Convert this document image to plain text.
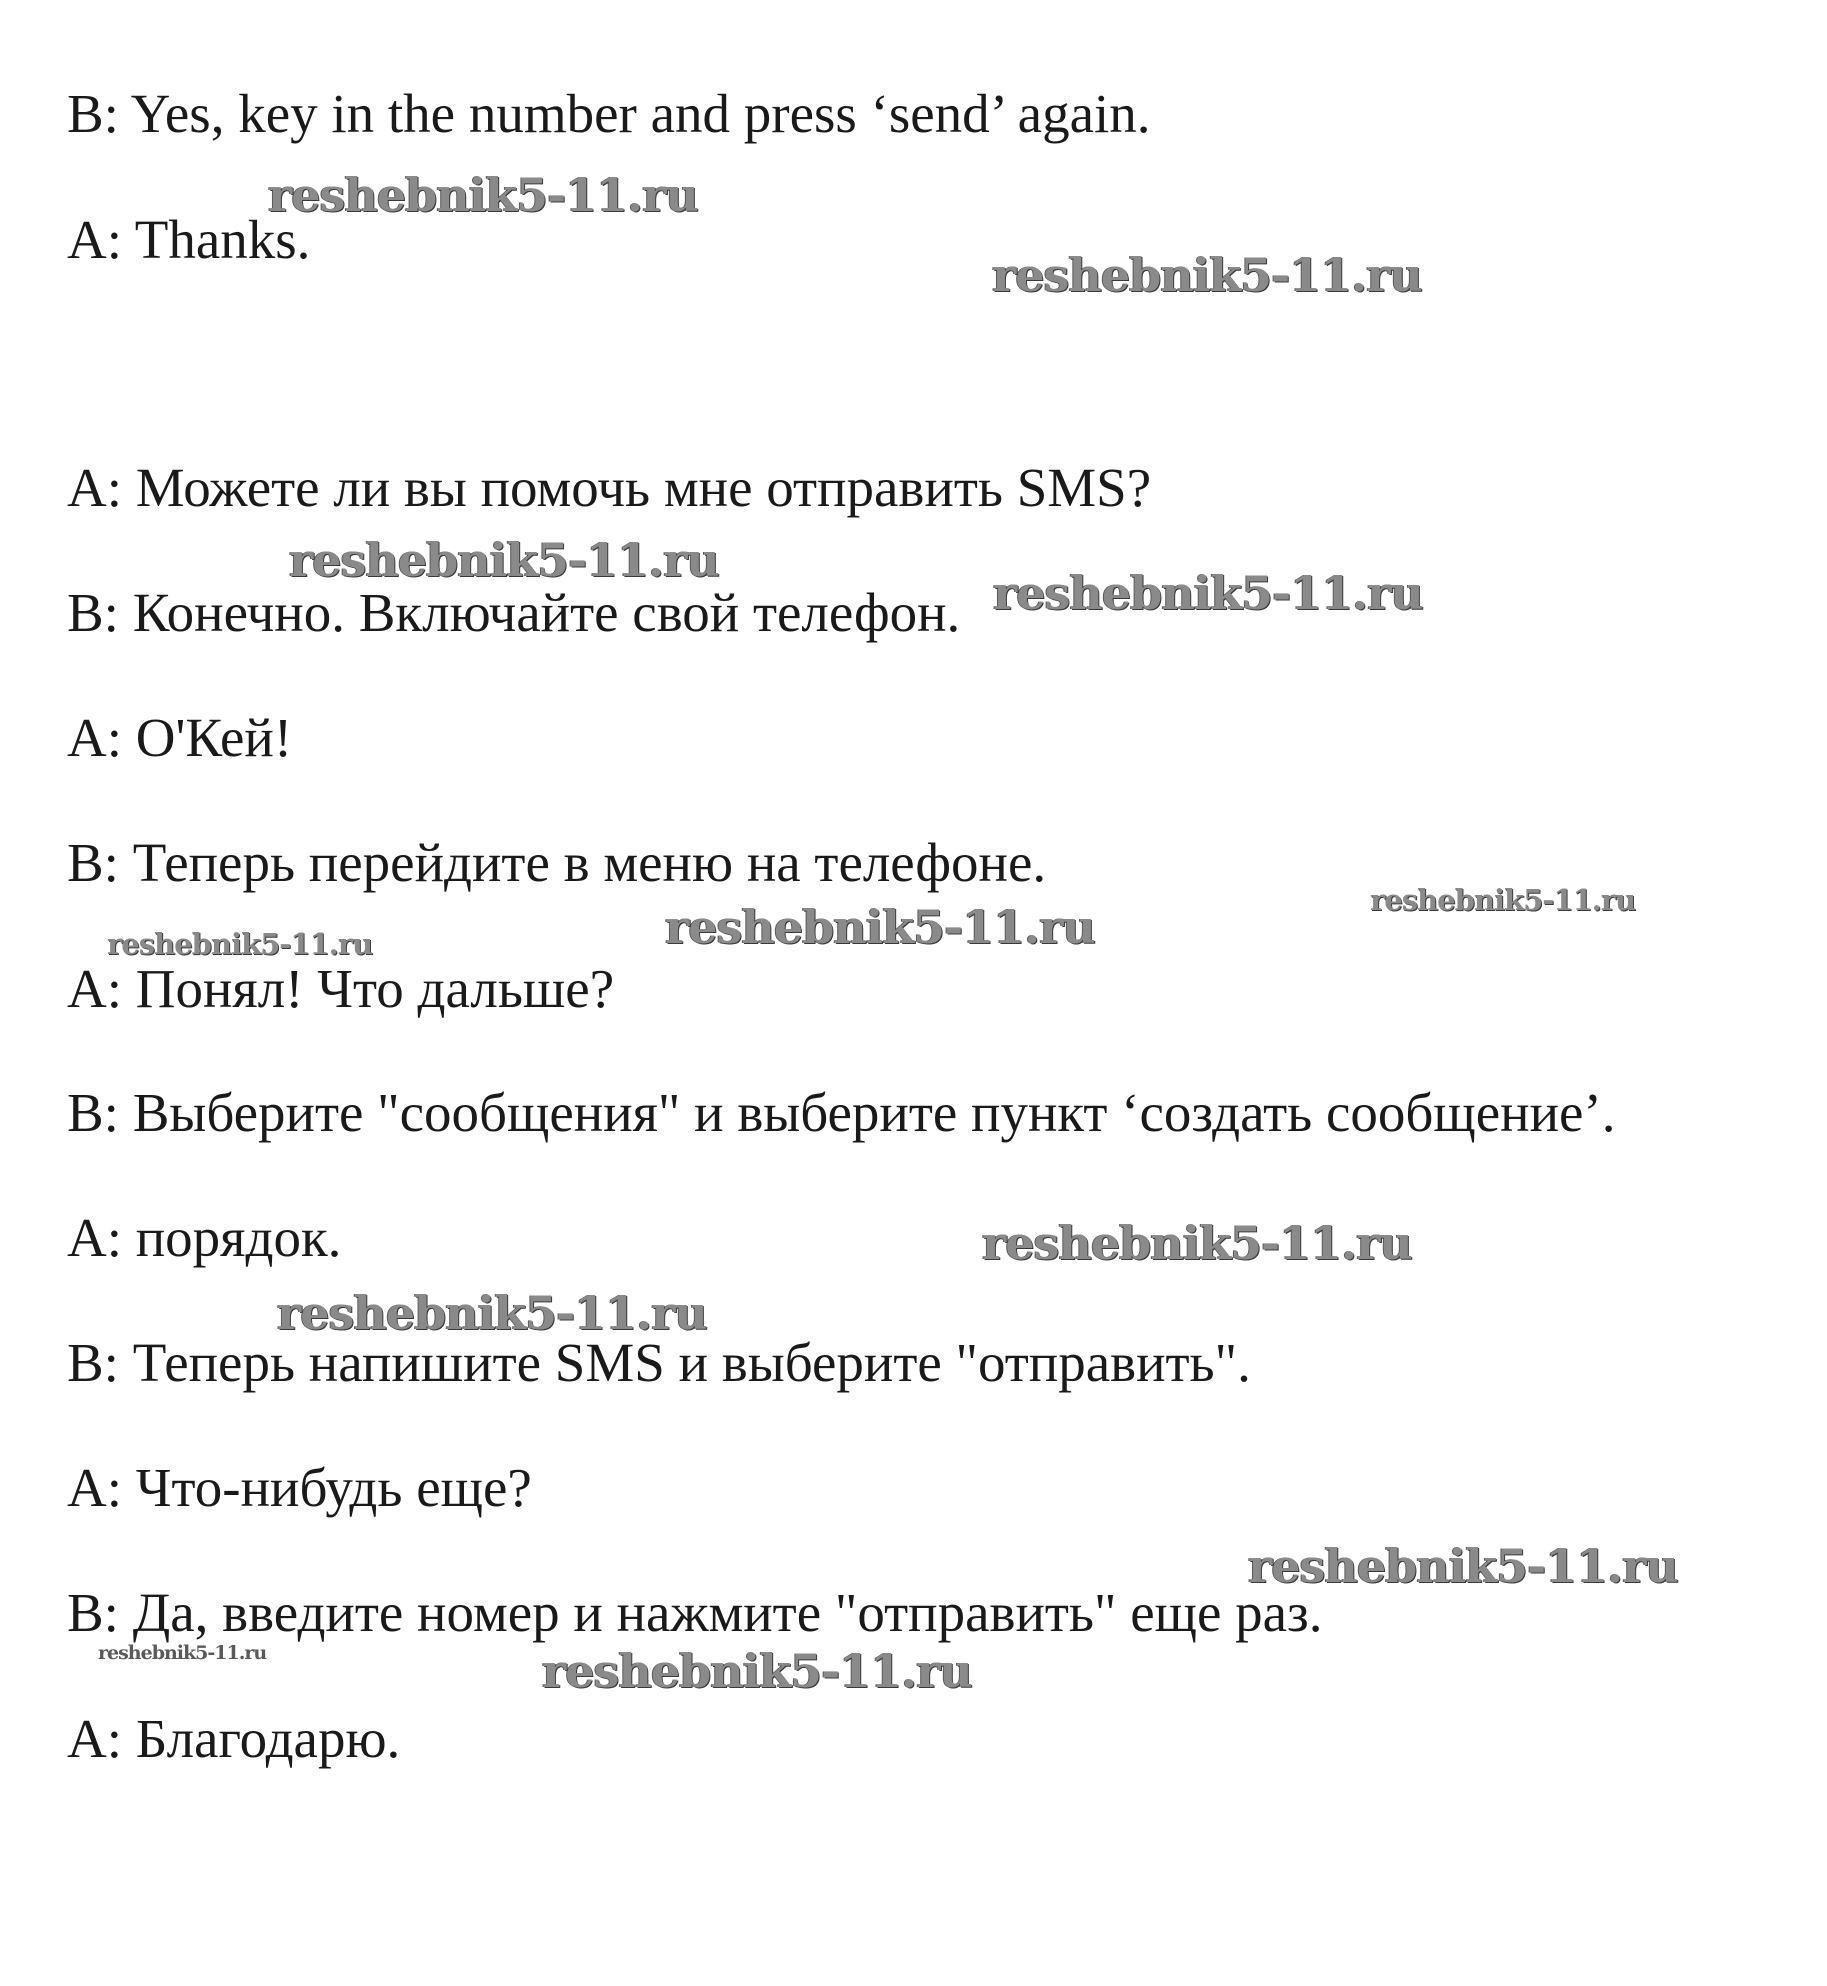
B: Yes, key in the number and press ‘send’ again.

A: Thanks.

A: Можете ли вы помочь мне отправить SMS?

B: Конечно. Включайте свой телефон.

A: О'Кей!

B: Теперь перейдите в меню на телефоне.

A: Понял! Что дальше?

B: Выберите "сообщения" и выберите пункт ‘создать сообщение’.

A: порядок.

B: Теперь напишите SMS и выберите "отправить".

A: Что-нибудь еще?

B: Да, введите номер и нажмите "отправить" еще раз.

A: Благодарю.

reshebnik5-11.ru
reshebnik5-11.ru
reshebnik5-11.ru
reshebnik5-11.ru
reshebnik5-11.ru
reshebnik5-11.ru
reshebnik5-11.ru
reshebnik5-11.ru
reshebnik5-11.ru
reshebnik5-11.ru
reshebnik5-11.ru	reshebnik5-11.ru
